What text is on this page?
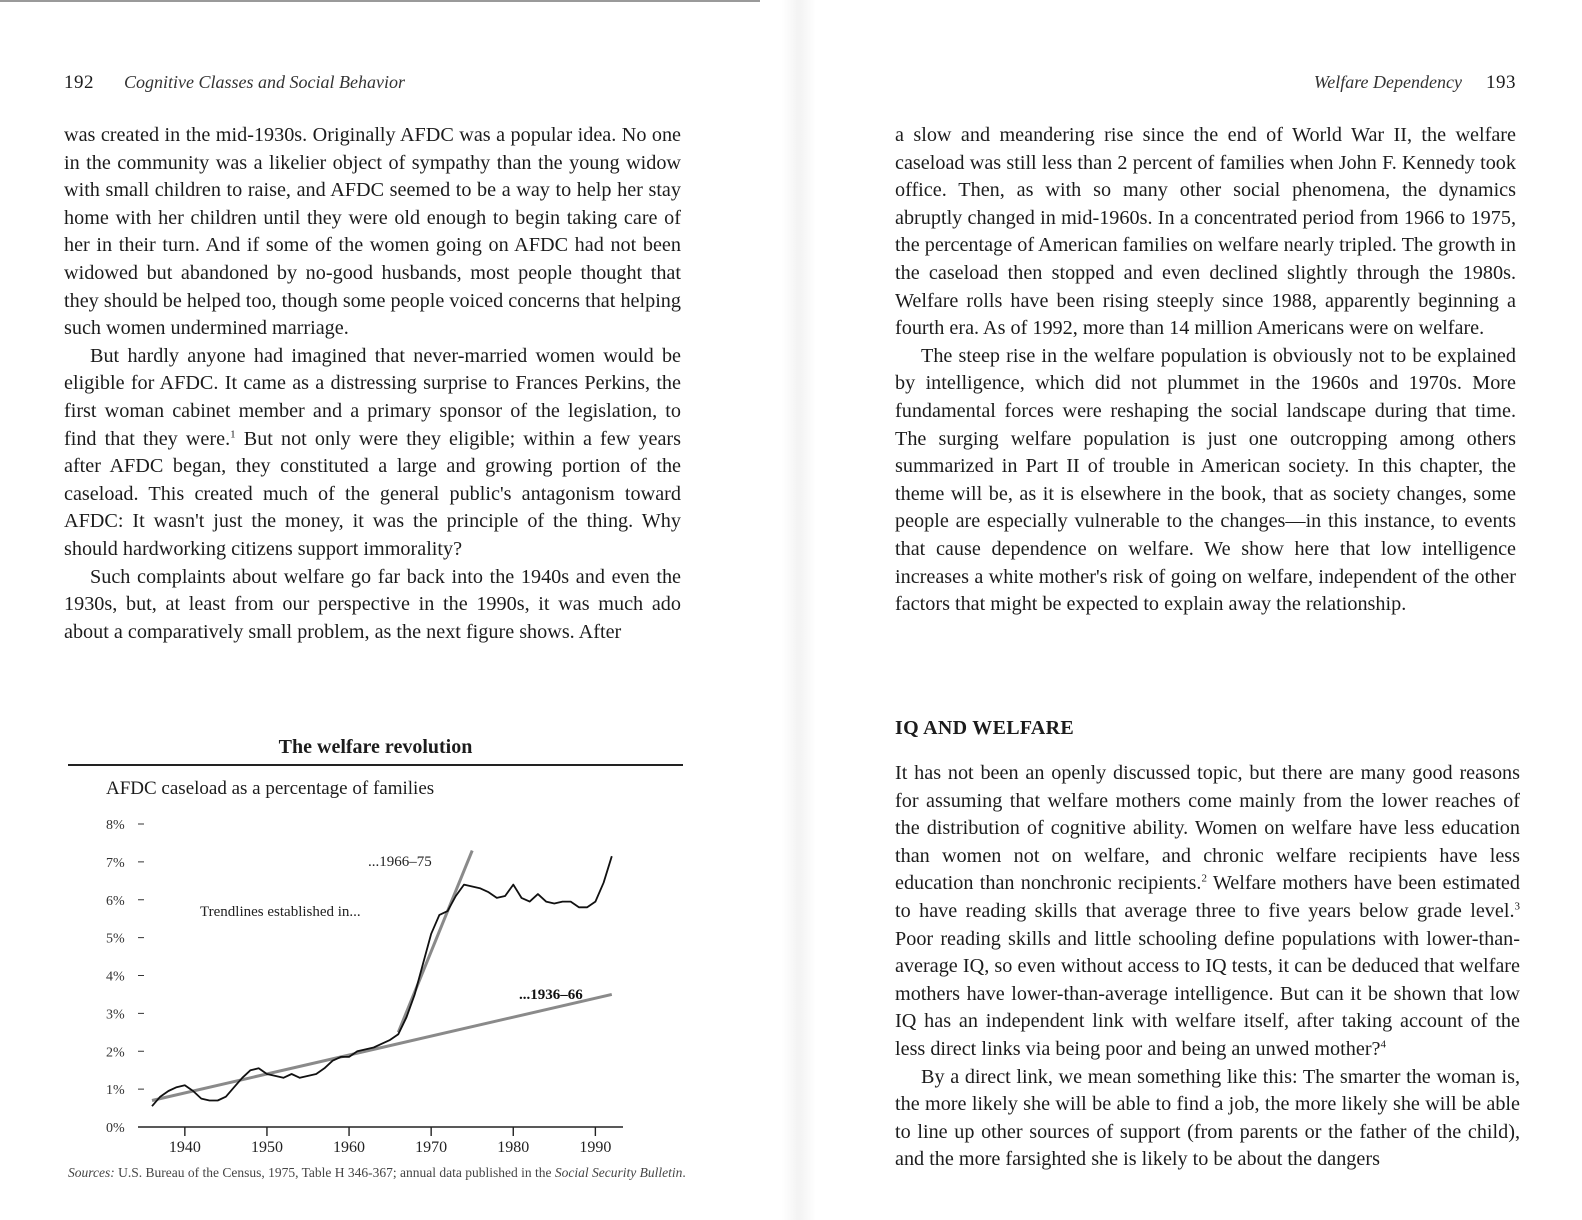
192 Cognitive Classes and Social Behavior

was created in the mid-1930s. Originally AFDC was a popular idea. No one in the community was a likelier object of sympathy than the young widow with small children to raise, and AFDC seemed to be a way to help her stay home with her children until they were old enough to begin taking care of her in their turn. And if some of the women going on AFDC had not been widowed but abandoned by no-good husbands, most people thought that they should be helped too, though some people voiced concerns that helping such women undermined marriage.

But hardly anyone had imagined that never-married women would be eligible for AFDC. It came as a distressing surprise to Frances Perkins, the first woman cabinet member and a primary sponsor of the legislation, to find that they were.$^1$ But not only were they eligible; within a few years after AFDC began, they constituted a large and growing portion of the caseload. This created much of the general public's antagonism toward AFDC: It wasn't just the money, it was the principle of the thing. Why should hardworking citizens support immorality?

Such complaints about welfare go far back into the 1940s and even the 1930s, but, at least from our perspective in the 1990s, it was much ado about a comparatively small problem, as the next figure shows. After

The welfare revolution
AFDC caseload as a percentage of families
0%
1%
2%
3%
4%
5%
6%
7%
8%
1940	1950	1960	1970	1980	1990
Trendlines established in...
...1966–75
...1936–66
Sources: U.S. Bureau of the Census, 1975, Table H 346-367; annual data published in the Social Security Bulletin.
Welfare Dependency 193

a slow and meandering rise since the end of World War II, the welfare caseload was still less than 2 percent of families when John F. Kennedy took office. Then, as with so many other social phenomena, the dynamics abruptly changed in mid-1960s. In a concentrated period from 1966 to 1975, the percentage of American families on welfare nearly tripled. The growth in the caseload then stopped and even declined slightly through the 1980s. Welfare rolls have been rising steeply since 1988, apparently beginning a fourth era. As of 1992, more than 14 million Americans were on welfare.

The steep rise in the welfare population is obviously not to be explained by intelligence, which did not plummet in the 1960s and 1970s. More fundamental forces were reshaping the social landscape during that time. The surging welfare population is just one outcropping among others summarized in Part II of trouble in American society. In this chapter, the theme will be, as it is elsewhere in the book, that as society changes, some people are especially vulnerable to the changes—in this instance, to events that cause dependence on welfare. We show here that low intelligence increases a white mother's risk of going on welfare, independent of the other factors that might be expected to explain away the relationship.

IQ AND WELFARE

It has not been an openly discussed topic, but there are many good reasons for assuming that welfare mothers come mainly from the lower reaches of the distribution of cognitive ability. Women on welfare have less education than women not on welfare, and chronic welfare recipients have less education than nonchronic recipients.$^2$ Welfare mothers have been estimated to have reading skills that average three to five years below grade level.$^3$ Poor reading skills and little schooling define populations with lower-than-average IQ, so even without access to IQ tests, it can be deduced that welfare mothers have lower-than-average intelligence. But can it be shown that low IQ has an independent link with welfare itself, after taking account of the less direct links via being poor and being an unwed mother?$^4$

By a direct link, we mean something like this: The smarter the woman is, the more likely she will be able to find a job, the more likely she will be able to line up other sources of support (from parents or the father of the child), and the more farsighted she is likely to be about the dangers
